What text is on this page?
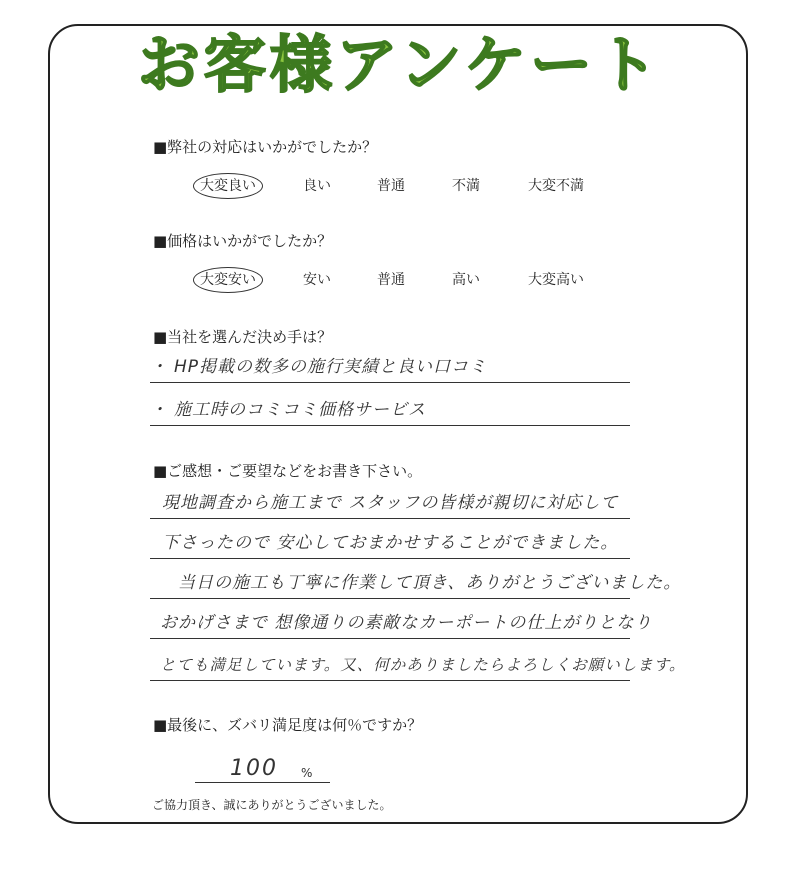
お客様アンケート
■弊社の対応はいかがでしたか？
大変良い	良い	普通	不満	大変不満
■価格はいかがでしたか？
大変安い	安い	普通	高い	大変高い
■当社を選んだ決め手は？
・ HP掲載の数多の施行実績と良い口コミ
・ 施工時のコミコミ価格サービス
■ご感想・ご要望などをお書き下さい。
現地調査から施工まで スタッフの皆様が親切に対応して
下さったので 安心しておまかせすることができました。
当日の施工も丁寧に作業して頂き、ありがとうございました。
おかげさまで 想像通りの素敵なカーポートの仕上がりとなり
とても満足しています。又、何かありましたらよろしくお願いします。
■最後に、ズバリ満足度は何％ですか？
100 %
ご協力頂き、誠にありがとうございました。
